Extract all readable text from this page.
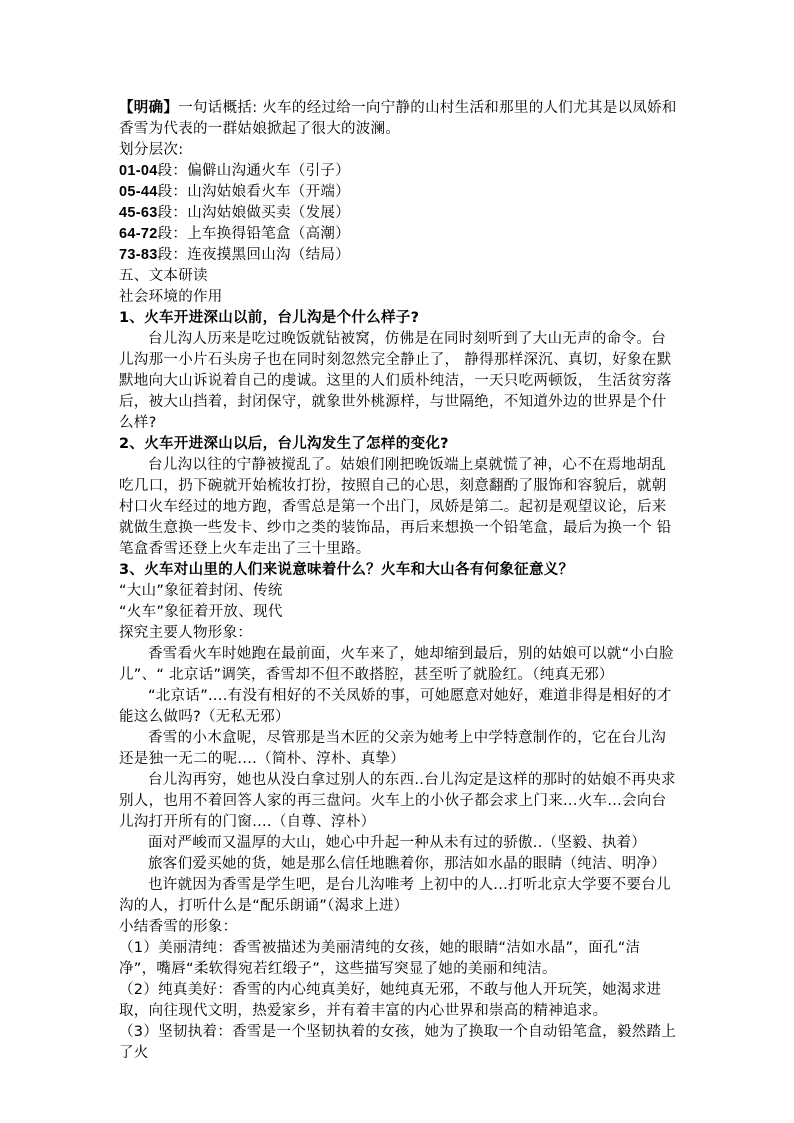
【明确】一句话概括: 火车的经过给一向宁静的山村生活和那里的人们尤其是以凤娇和香雪为代表的一群姑娘掀起了很大的波澜。
划分层次:
01-04段：偏僻山沟通火车（引子）
05-44段：山沟姑娘看火车（开端）
45-63段：山沟姑娘做买卖（发展）
64-72段：上车换得铅笔盒（高潮）
73-83段：连夜摸黑回山沟（结局）
五、文本研读
社会环境的作用
1、火车开进深山以前，台儿沟是个什么样子?
台儿沟人历来是吃过晚饭就钻被窝，仿佛是在同时刻听到了大山无声的命令。台儿沟那一小片石头房子也在同时刻忽然完全静止了， 静得那样深沉、真切，好象在默默地向大山诉说着自己的虔诚。这里的人们质朴纯洁，一天只吃两顿饭， 生活贫穷落后，被大山挡着，封闭保守，就象世外桃源样，与世隔绝，不知道外边的世界是个什么样?
2、火车开进深山以后，台儿沟发生了怎样的变化?
台儿沟以往的宁静被搅乱了。姑娘们刚把晚饭端上桌就慌了神，心不在焉地胡乱吃几口，扔下碗就开始梳妆打扮，按照自己的心思，刻意翻酌了服饰和容貌后，就朝村口火车经过的地方跑，香雪总是第一个出门，凤娇是第二。起初是观望议论，后来就做生意换一些发卡、纱巾之类的装饰品，再后来想换一个铅笔盒，最后为换一个 铅笔盒香雪还登上火车走出了三十里路。
3、火车对山里的人们来说意味着什么？火车和大山各有何象征意义？
“大山”象征着封闭、传统
“火车”象征着开放、现代
探究主要人物形象：
香雪看火车时她跑在最前面，火车来了，她却缩到最后，别的姑娘可以就“小白脸儿”、“ 北京话”调笑，香雪却不但不敢搭腔，甚至听了就脸红。（纯真无邪）
“北京话”....有没有相好的不关凤娇的事，可她愿意对她好，难道非得是相好的才能这么做吗?（无私无邪）
香雪的小木盒呢，尽管那是当木匠的父亲为她考上中学特意制作的，它在台儿沟还是独一无二的呢....（简朴、淳朴、真挚）
台儿沟再穷，她也从没白拿过别人的东西..台儿沟定是这样的那时的姑娘不再央求别人，也用不着回答人家的再三盘问。火车上的小伙子都会求上门来...火车...会向台儿沟打开所有的门窗....（自尊、淳朴）
面对严峻而又温厚的大山，她心中升起一种从未有过的骄傲..（坚毅、执着）
旅客们爱买她的货，她是那么信任地瞧着你，那洁如水晶的眼睛（纯洁、明净）
也许就因为香雪是学生吧，是台儿沟唯考 上初中的人...打听北京大学要不要台儿沟的人，打听什么是“配乐朗诵”（渴求上进）
小结香雪的形象：
（1）美丽清纯：香雪被描述为美丽清纯的女孩，她的眼睛“洁如水晶”，面孔“洁净”，嘴唇“柔软得宛若红缎子”，这些描写突显了她的美丽和纯洁。
（2）纯真美好：香雪的内心纯真美好，她纯真无邪，不敢与他人开玩笑，她渴求进取，向往现代文明，热爱家乡，并有着丰富的内心世界和崇高的精神追求。
（3）坚韧执着：香雪是一个坚韧执着的女孩，她为了换取一个自动铅笔盒，毅然踏上了火
